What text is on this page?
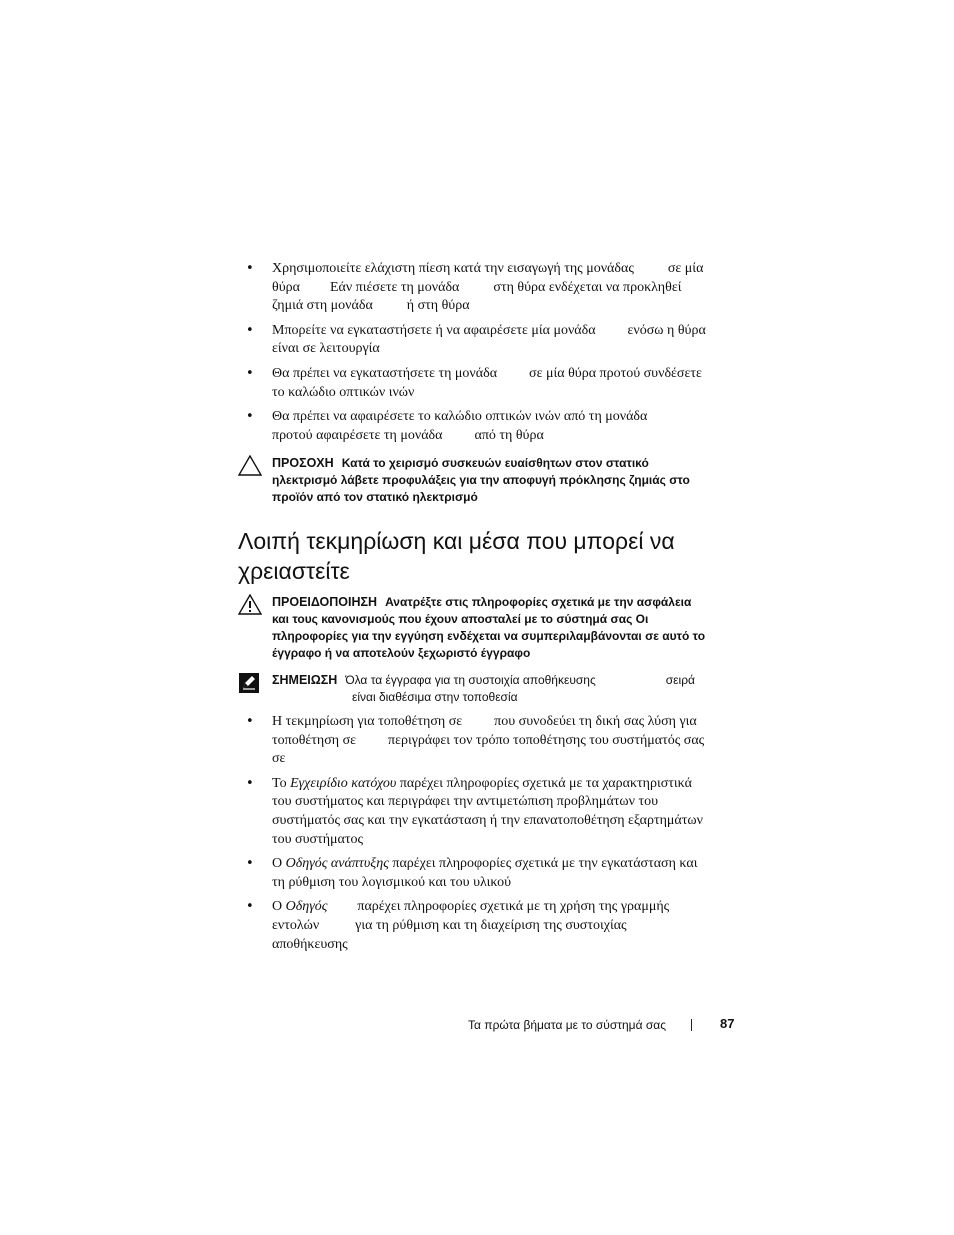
• Χρησιμοποιείτε ελάχιστη πίεση κατά την εισαγωγή της μονάδας σε μία
θύρα Εάν πιέσετε τη μονάδα στη θύρα ενδέχεται να προκληθεί
ζημιά στη μονάδα ή στη θύρα
• Μπορείτε να εγκαταστήσετε ή να αφαιρέσετε μία μονάδα ενόσω η θύρα
είναι σε λειτουργία
• Θα πρέπει να εγκαταστήσετε τη μονάδα σε μία θύρα προτού συνδέσετε
το καλώδιο οπτικών ινών
• Θα πρέπει να αφαιρέσετε το καλώδιο οπτικών ινών από τη μονάδα
προτού αφαιρέσετε τη μονάδα από τη θύρα
ΠΡΟΣΟΧΗ Κατά το χειρισμό συσκευών ευαίσθητων στον στατικό
ηλεκτρισμό λάβετε προφυλάξεις για την αποφυγή πρόκλησης ζημιάς στο
προϊόν από τον στατικό ηλεκτρισμό
Λοιπή τεκμηρίωση και μέσα που μπορεί να
χρειαστείτε
ΠΡΟΕΙΔΟΠΟΙΗΣΗ Ανατρέξτε στις πληροφορίες σχετικά με την ασφάλεια
και τους κανονισμούς που έχουν αποσταλεί με το σύστημά σας Οι
πληροφορίες για την εγγύηση ενδέχεται να συμπεριλαμβάνονται σε αυτό το
έγγραφο ή να αποτελούν ξεχωριστό έγγραφο
ΣΗΜΕΙΩΣΗ Όλα τα έγγραφα για τη συστοιχία αποθήκευσης	σειρά
είναι διαθέσιμα στην τοποθεσία
• Η τεκμηρίωση για τοποθέτηση σε που συνοδεύει τη δική σας λύση για
τοποθέτηση σε περιγράφει τον τρόπο τοποθέτησης του συστήματός σας
σε
• Το Εγχειρίδιο κατόχου παρέχει πληροφορίες σχετικά με τα χαρακτηριστικά
του συστήματος και περιγράφει την αντιμετώπιση προβλημάτων του
συστήματός σας και την εγκατάσταση ή την επανατοποθέτηση εξαρτημάτων
του συστήματος
• Ο Οδηγός ανάπτυξης παρέχει πληροφορίες σχετικά με την εγκατάσταση και
τη ρύθμιση του λογισμικού και του υλικού
• Ο Οδηγός παρέχει πληροφορίες σχετικά με τη χρήση της γραμμής
εντολών	για τη ρύθμιση και τη διαχείριση της συστοιχίας
αποθήκευσης
Τα πρώτα βήματα με το σύστημά σας	87
